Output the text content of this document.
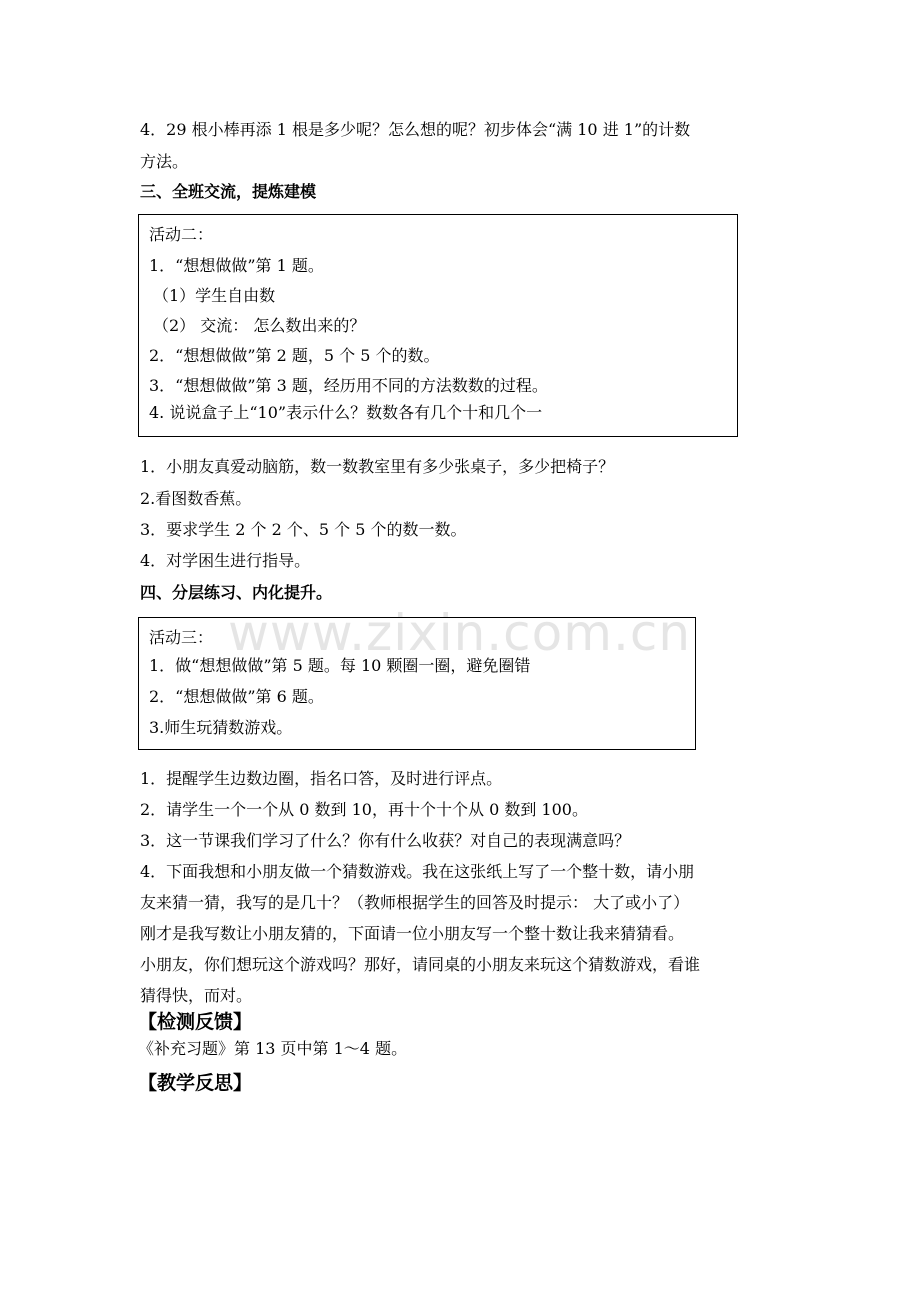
www.zixin.com.cn
4．29 根小棒再添 1 根是多少呢？怎么想的呢？初步体会“满 10 进 1”的计数
方法。
三、全班交流，提炼建模
活动二：
1．“想想做做”第 1 题。
（1）学生自由数
（2） 交流： 怎么数出来的？
2．“想想做做”第 2 题，5 个 5 个的数。
3．“想想做做”第 3 题，经历用不同的方法数数的过程。
4. 说说盒子上“10”表示什么？数数各有几个十和几个一
1．小朋友真爱动脑筋，数一数教室里有多少张桌子，多少把椅子？
2.看图数香蕉。
3．要求学生 2 个 2 个、5 个 5 个的数一数。
4．对学困生进行指导。
四、分层练习、内化提升。
活动三：
1．做“想想做做”第 5 题。每 10 颗圈一圈，避免圈错
2．“想想做做”第 6 题。
3.师生玩猜数游戏。
1．提醒学生边数边圈，指名口答，及时进行评点。
2．请学生一个一个从 0 数到 10，再十个十个从 0 数到 100。
3．这一节课我们学习了什么？你有什么收获？对自己的表现满意吗？
4．下面我想和小朋友做一个猜数游戏。我在这张纸上写了一个整十数，请小朋
友来猜一猜，我写的是几十？（教师根据学生的回答及时提示： 大了或小了）
刚才是我写数让小朋友猜的，下面请一位小朋友写一个整十数让我来猜猜看。
小朋友，你们想玩这个游戏吗？那好，请同桌的小朋友来玩这个猜数游戏，看谁
猜得快，而对。
【检测反馈】
《补充习题》第 13 页中第 1～4 题。
【教学反思】
